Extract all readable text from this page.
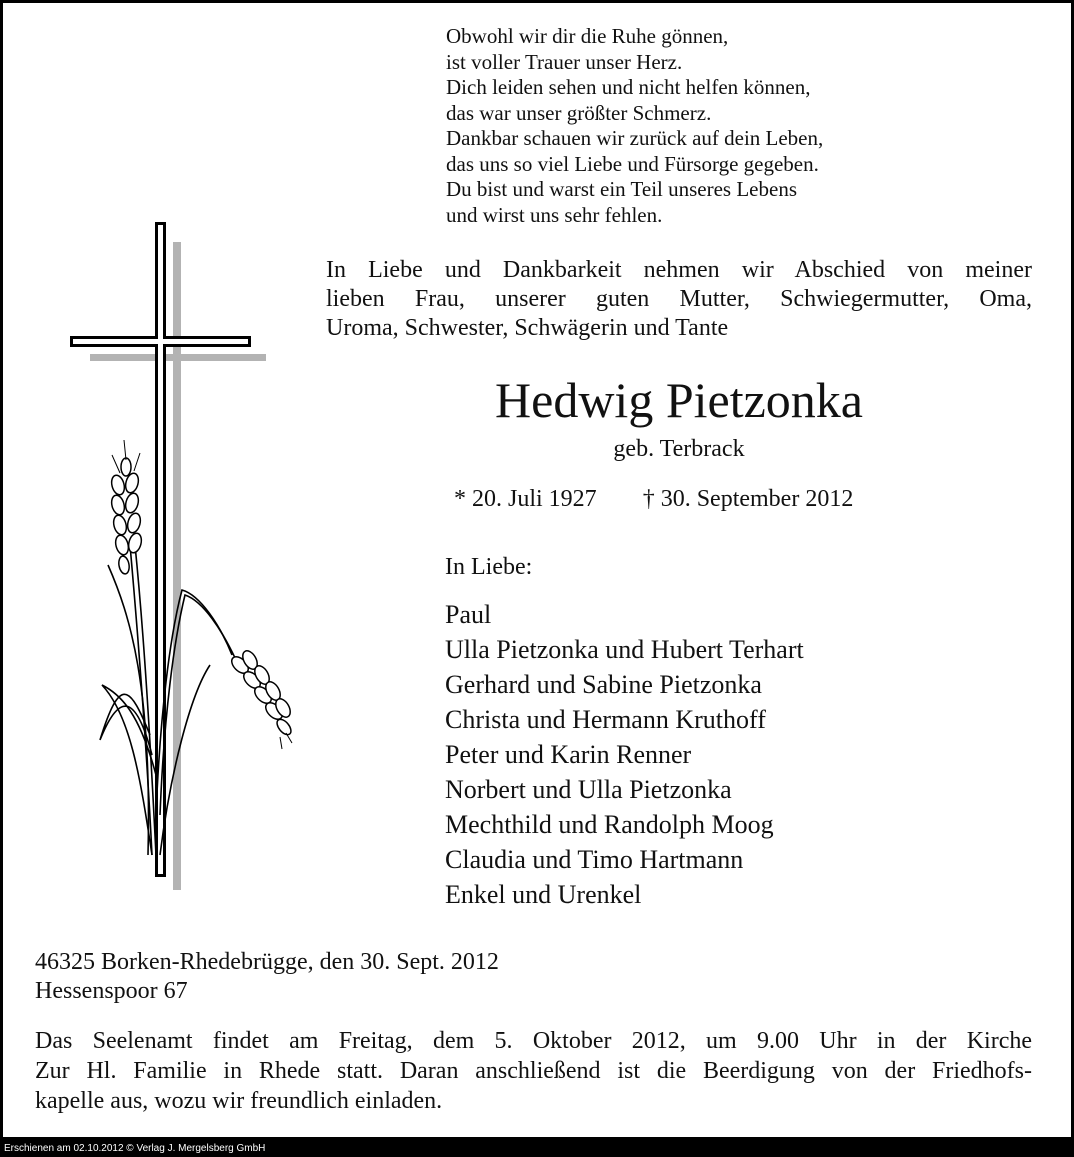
Obwohl wir dir die Ruhe gönnen,
ist voller Trauer unser Herz.
Dich leiden sehen und nicht helfen können,
das war unser größter Schmerz.
Dankbar schauen wir zurück auf dein Leben,
das uns so viel Liebe und Fürsorge gegeben.
Du bist und warst ein Teil unseres Lebens
und wirst uns sehr fehlen.
In Liebe und Dankbarkeit nehmen wir Abschied von meiner
lieben Frau, unserer guten Mutter, Schwiegermutter, Oma,
Uroma, Schwester, Schwägerin und Tante
Hedwig Pietzonka
geb. Terbrack
* 20. Juli 1927 † 30. September 2012
In Liebe:
Paul
Ulla Pietzonka und Hubert Terhart
Gerhard und Sabine Pietzonka
Christa und Hermann Kruthoff
Peter und Karin Renner
Norbert und Ulla Pietzonka
Mechthild und Randolph Moog
Claudia und Timo Hartmann
Enkel und Urenkel
46325 Borken-Rhedebrügge, den 30. Sept. 2012
Hessenspoor 67
Das Seelenamt findet am Freitag, dem 5. Oktober 2012, um 9.00 Uhr in der Kirche
Zur Hl. Familie in Rhede statt. Daran anschließend ist die Beerdigung von der Friedhofs-
kapelle aus, wozu wir freundlich einladen.
Erschienen am 02.10.2012 © Verlag J. Mergelsberg GmbH
